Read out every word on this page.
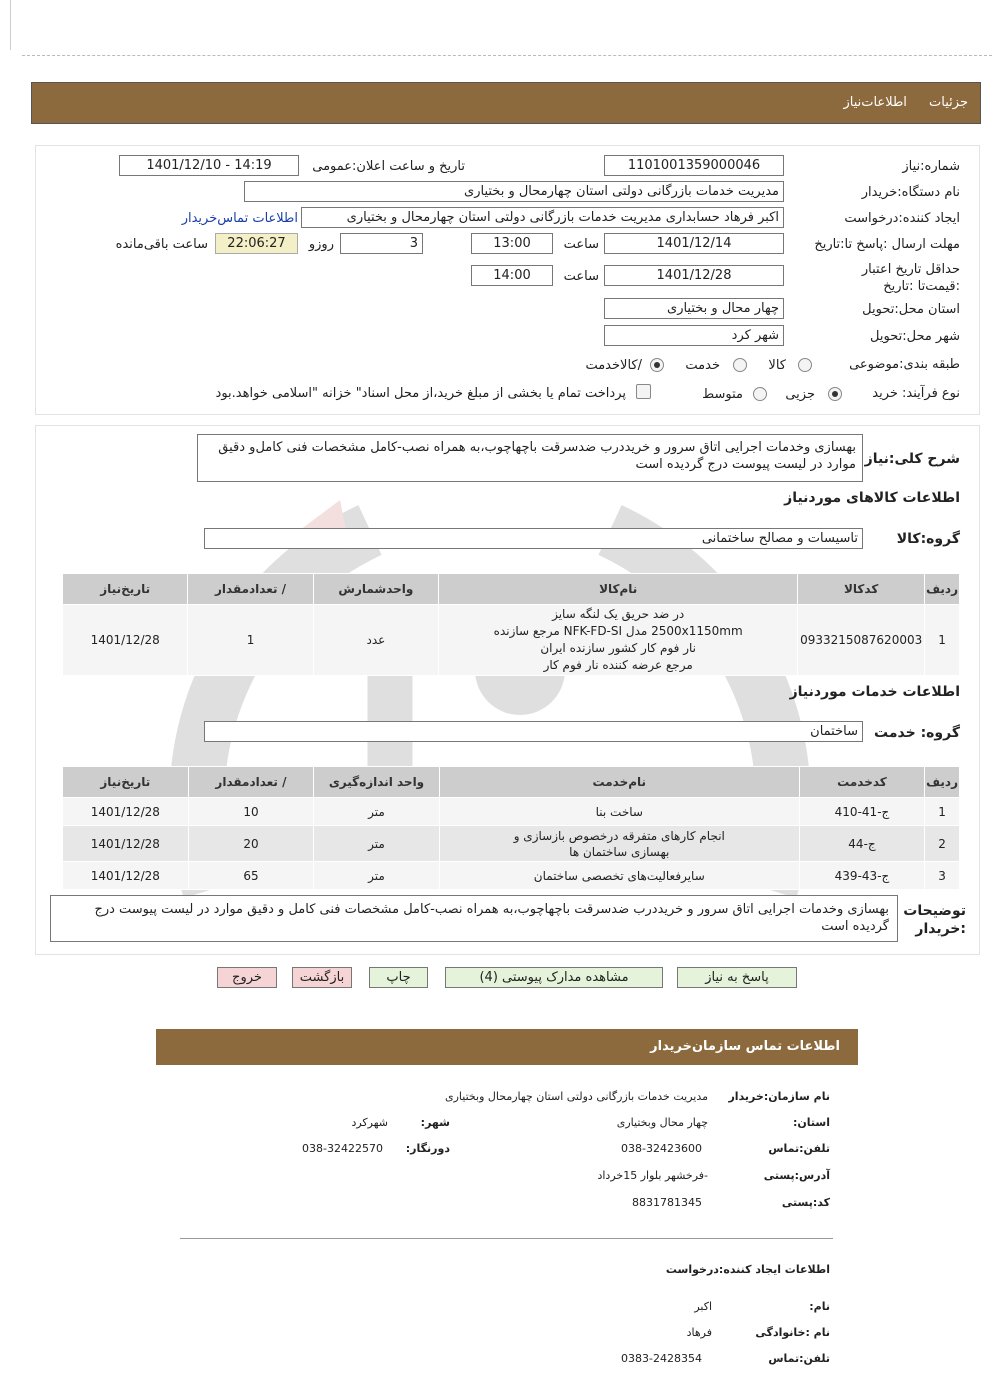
جزئیات اطلاعات‌نیاز
شماره:نیاز
1101001359000046
تاریخ و ساعت اعلان:عمومی
1401/12/10 - 14:19
نام دستگاه:خریدار
مدیریت خدمات بازرگانی دولتی استان چهارمحال و بختیاری
ایجاد کننده:درخواست
اکبر فرهاد حسابداری مدیریت خدمات بازرگانی دولتی استان چهارمحال و بختیاری
اطلاعات تماس‌خریدار
مهلت ارسال :پاسخ تا:تاریخ
1401/12/14
ساعت
13:00
3
روزو
22:06:27
ساعت باقی‌مانده
حداقل تاریخ اعتبار :قیمت‌تا :تاریخ
1401/12/28
ساعت
14:00
استان محل:تحویل
چهار محال و بختیاری
شهر محل:تحویل
شهر کرد
طبقه بندی:موضوعی
کالا
خدمت
/کالاخدمت
نوع فرآیند: خرید
جزیی
متوسط
پرداخت تمام یا بخشی از مبلغ خرید،از محل اسناد" خزانه "اسلامی خواهد.بود
شرح کلی:نیاز
بهسازی وخدمات اجرایی اتاق سرور و خریددرب ضدسرقت باچهاچوب،به همراه نصب-کامل مشخصات فنی کامل‌و دقیق موارد در لیست پیوست درج گردیده است
اطلاعات کالاهای موردنیاز
گروه:کالا
تاسیسات و مصالح ساختمانی
ردیف	کدکالا	نام‌کالا	واحدشمارش	/ تعدادمقدار	تاریخ‌نیاز
1	0933215087620003	در ضد حریق یک لنگه سایز
2500x1150mm مدل NFK-FD-SI مرجع سازنده
نار فوم کار کشور سازنده ایران
مرجع عرضه کننده نار فوم کار	عدد	1	1401/12/28
اطلاعات خدمات موردنیاز
گروه: خدمت
ساختمان
ردیف	کدخدمت	نام‌خدمت	واحد اندازه‌گیری	/ تعدادمقدار	تاریخ‌نیاز
1	ج-41-410	ساخت بنا	متر	10	1401/12/28
2	ج-44	انجام کارهای متفرقه درخصوص بازسازی و
بهسازی ساختمان ها	متر	20	1401/12/28
3	ج-43-439	سایرفعالیت‌های تخصصی ساختمان	متر	65	1401/12/28
توضیحات :خریدار
بهسازی وخدمات اجرایی اتاق سرور و خریددرب ضدسرقت باچهاچوب،به همراه نصب-کامل مشخصات فنی کامل و دقیق موارد در لیست پیوست درج گردیده است
پاسخ به نیاز
مشاهده مدارک پیوستی (4)
چاپ
بازگشت
خروج
اطلاعات تماس سازمان‌خریدار
نام سازمان:خریدار
مدیریت خدمات بازرگانی دولتی استان چهارمحال وبختیاری
استان:
چهار محال وبختیاری
شهر:
شهرکرد
تلفن:تماس
038-32423600
دورنگار:
038-32422570
آدرس:پستی
-فرخشهر بلوار 15خرداد
کد:پستی
8831781345
اطلاعات ایجاد کننده:درخواست
نام:
اکبر
نام :خانوادگی
فرهاد
تلفن:تماس
0383-2428354
